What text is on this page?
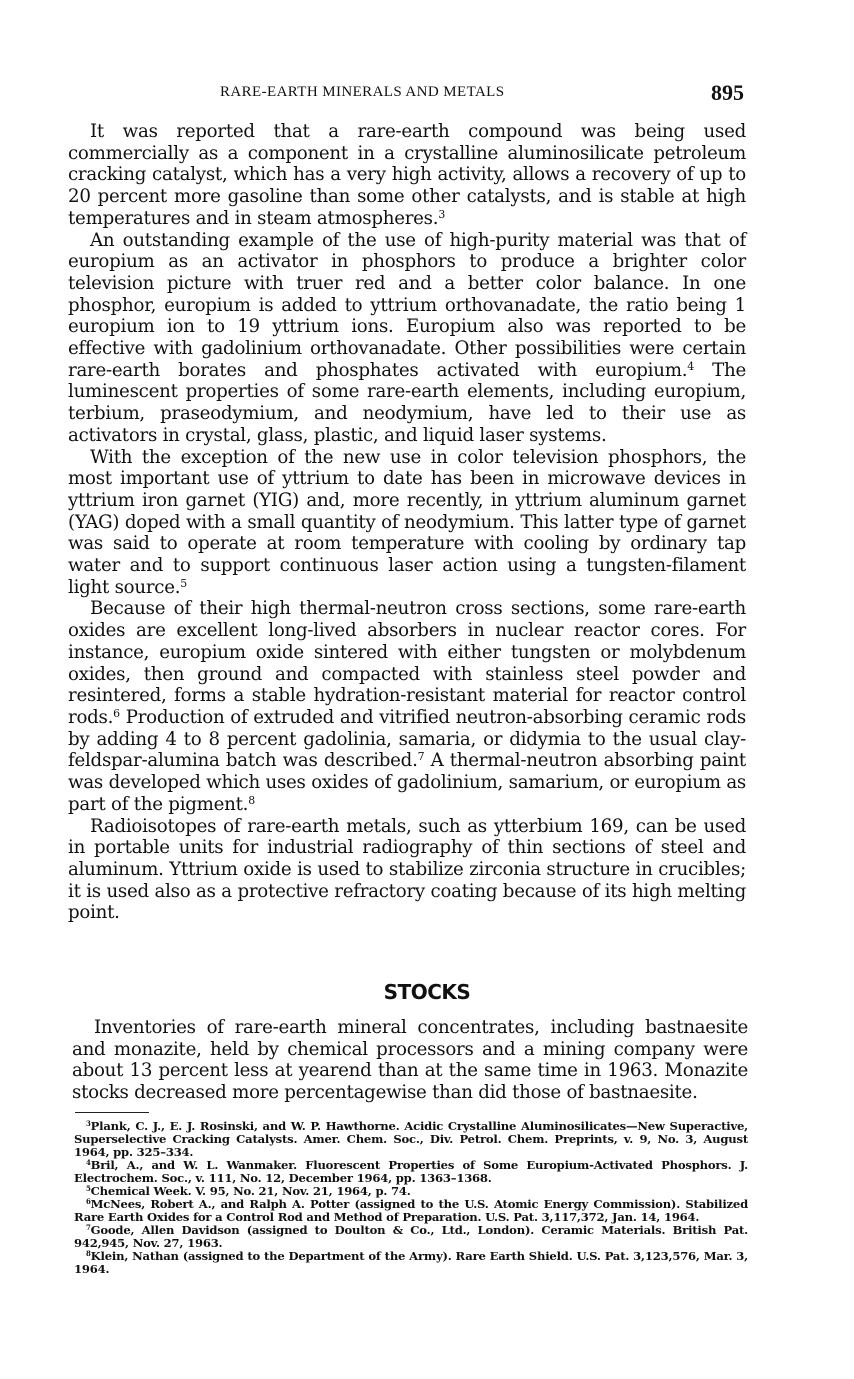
RARE-EARTH MINERALS AND METALS	895

It was reported that a rare-earth compound was being used commercially as a component in a crystalline aluminosilicate petroleum cracking catalyst, which has a very high activity, allows a recovery of up to 20 percent more gasoline than some other catalysts, and is stable at high temperatures and in steam atmospheres.$^3$

An outstanding example of the use of high-purity material was that of europium as an activator in phosphors to produce a brighter color television picture with truer red and a better color balance. In one phosphor, europium is added to yttrium orthovanadate, the ratio being 1 europium ion to 19 yttrium ions. Europium also was reported to be effective with gadolinium orthovanadate. Other possibilities were certain rare-earth borates and phosphates activated with europium.$^4$ The luminescent properties of some rare-earth elements, including europium, terbium, praseodymium, and neodymium, have led to their use as activators in crystal, glass, plastic, and liquid laser systems.

With the exception of the new use in color television phosphors, the most important use of yttrium to date has been in microwave devices in yttrium iron garnet (YIG) and, more recently, in yttrium aluminum garnet (YAG) doped with a small quantity of neodymium. This latter type of garnet was said to operate at room temperature with cooling by ordinary tap water and to support continuous laser action using a tungsten-filament light source.$^5$

Because of their high thermal-neutron cross sections, some rare-earth oxides are excellent long-lived absorbers in nuclear reactor cores. For instance, europium oxide sintered with either tungsten or molybdenum oxides, then ground and compacted with stainless steel powder and resintered, forms a stable hydration-resistant material for reactor control rods.$^6$ Production of extruded and vitrified neutron-absorbing ceramic rods by adding 4 to 8 percent gadolinia, samaria, or didymia to the usual clay-feldspar-alumina batch was described.$^7$ A thermal-neutron absorbing paint was developed which uses oxides of gadolinium, samarium, or europium as part of the pigment.$^8$

Radioisotopes of rare-earth metals, such as ytterbium 169, can be used in portable units for industrial radiography of thin sections of steel and aluminum. Yttrium oxide is used to stabilize zirconia structure in crucibles; it is used also as a protective refractory coating because of its high melting point.

STOCKS

Inventories of rare-earth mineral concentrates, including bastnaesite and monazite, held by chemical processors and a mining company were about 13 percent less at yearend than at the same time in 1963. Monazite stocks decreased more percentagewise than did those of bastnaesite.

$^3$Plank, C. J., E. J. Rosinski, and W. P. Hawthorne. Acidic Crystalline Aluminosilicates—New Superactive, Superselective Cracking Catalysts. Amer. Chem. Soc., Div. Petrol. Chem. Preprints, v. 9, No. 3, August 1964, pp. 325–334.

$^4$Bril, A., and W. L. Wanmaker. Fluorescent Properties of Some Europium-Activated Phosphors. J. Electrochem. Soc., v. 111, No. 12, December 1964, pp. 1363–1368.

$^5$Chemical Week. V. 95, No. 21, Nov. 21, 1964, p. 74.

$^6$McNees, Robert A., and Ralph A. Potter (assigned to the U.S. Atomic Energy Commission). Stabilized Rare Earth Oxides for a Control Rod and Method of Preparation. U.S. Pat. 3,117,372, Jan. 14, 1964.

$^7$Goode, Allen Davidson (assigned to Doulton & Co., Ltd., London). Ceramic Materials. British Pat. 942,945, Nov. 27, 1963.

$^8$Klein, Nathan (assigned to the Department of the Army). Rare Earth Shield. U.S. Pat. 3,123,576, Mar. 3, 1964.
